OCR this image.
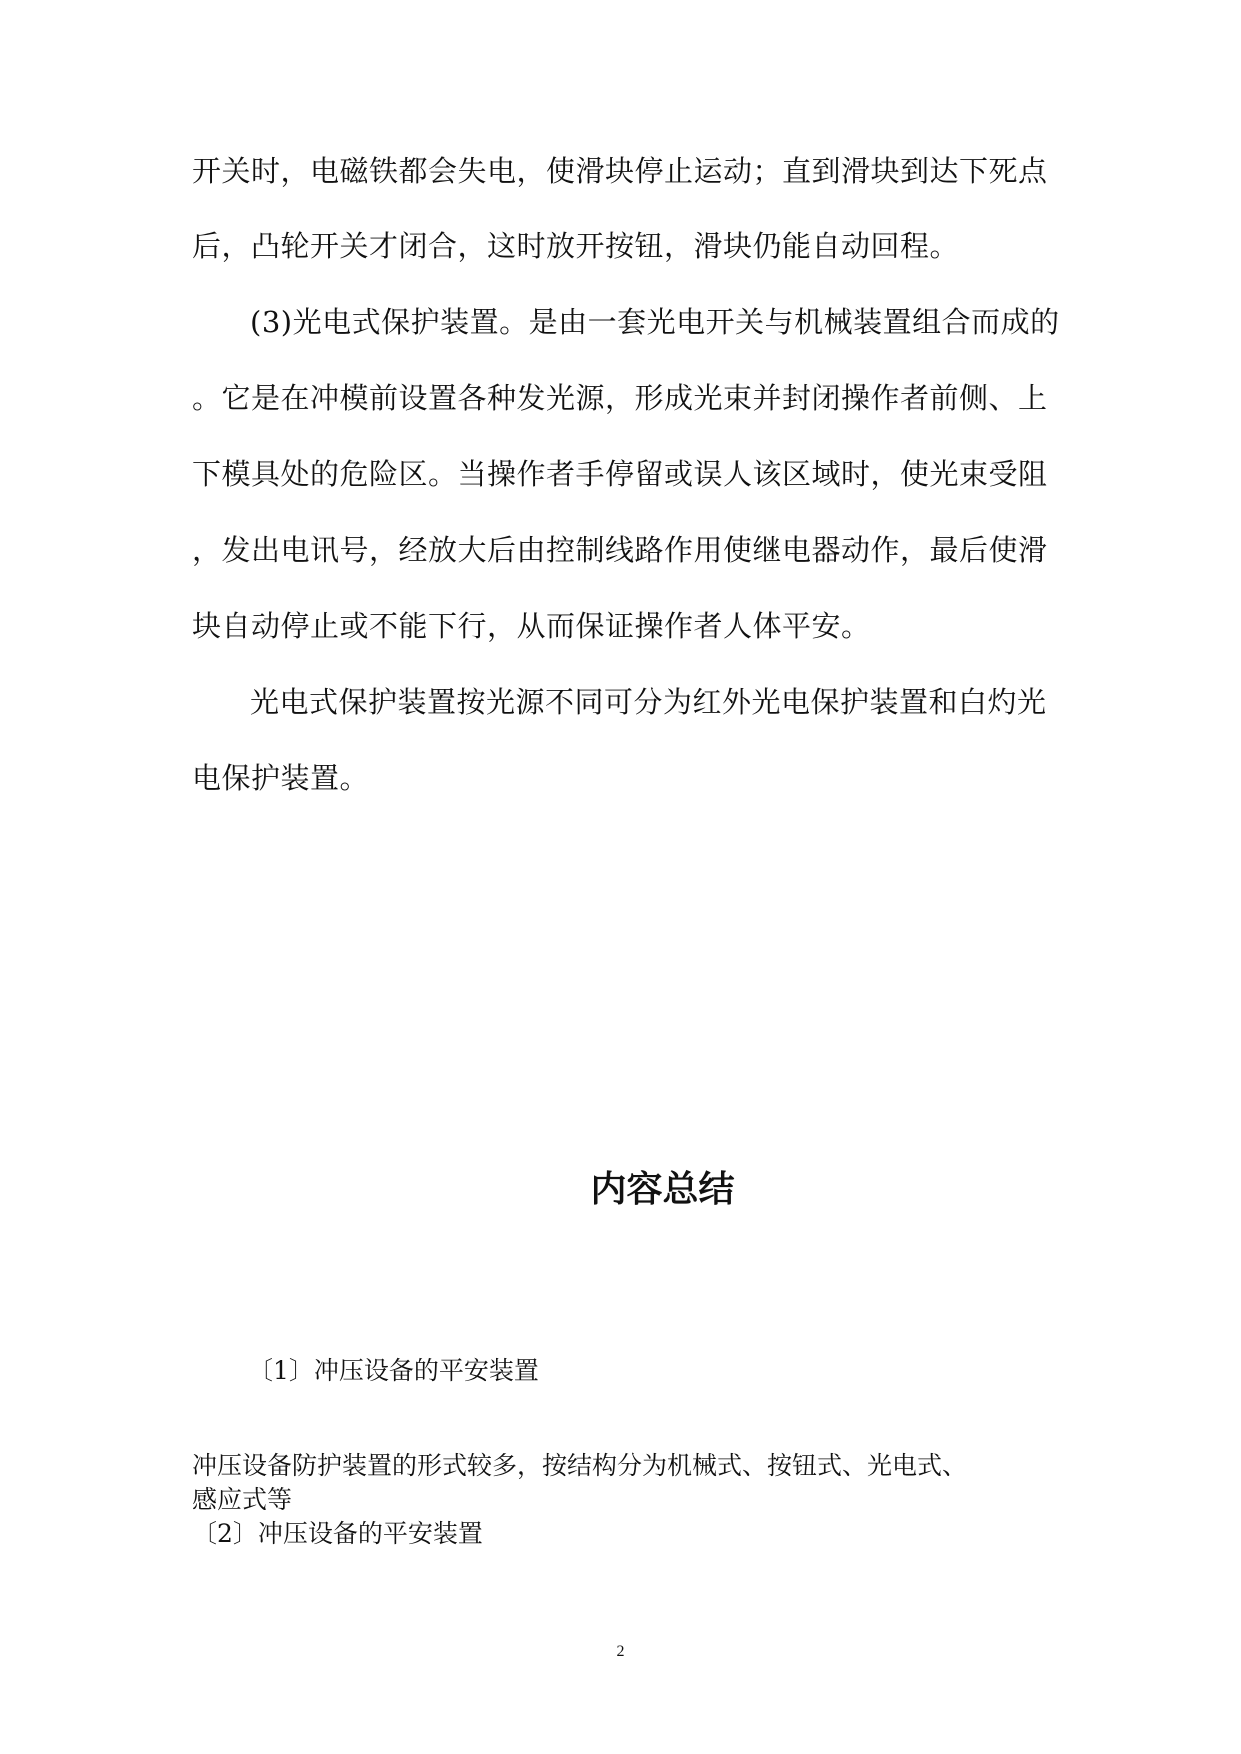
开关时，电磁铁都会失电，使滑块停止运动；直到滑块到达下死点
后，凸轮开关才闭合，这时放开按钮，滑块仍能自动回程。
(3)光电式保护装置。是由一套光电开关与机械装置组合而成的
。它是在冲模前设置各种发光源，形成光束并封闭操作者前侧、上
下模具处的危险区。当操作者手停留或误人该区域时，使光束受阻
，发出电讯号，经放大后由控制线路作用使继电器动作，最后使滑
块自动停止或不能下行，从而保证操作者人体平安。
光电式保护装置按光源不同可分为红外光电保护装置和白灼光
电保护装置。
内容总结
〔1〕冲压设备的平安装置
冲压设备防护装置的形式较多，按结构分为机械式、按钮式、光电式、
感应式等
〔2〕冲压设备的平安装置
2
